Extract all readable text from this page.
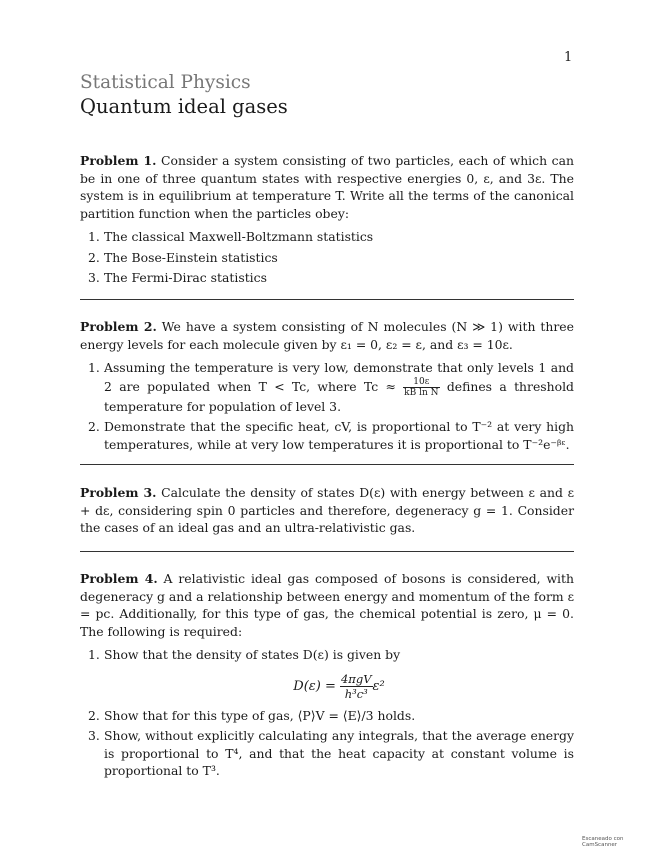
1
Statistical Physics
Quantum ideal gases

Problem 1. Consider a system consisting of two particles, each of which can be in one of three quantum states with respective energies 0, ε, and 3ε. The system is in equilibrium at temperature T. Write all the terms of the canonical partition function when the particles obey:

1. The classical Maxwell-Boltzmann statistics
2. The Bose-Einstein statistics
3. The Fermi-Dirac statistics

Problem 2. We have a system consisting of N molecules (N ≫ 1) with three energy levels for each molecule given by ε₁ = 0, ε₂ = ε, and ε₃ = 10ε.

1. Assuming the temperature is very low, demonstrate that only levels 1 and 2 are populated when T < Tc, where $Tc \approx \frac{10\varepsilon}{\text{kB ln N}}$ defines a threshold temperature for population of level 3.
2. Demonstrate that the specific heat, cV, is proportional to T⁻² at very high temperatures, while at very low temperatures it is proportional to T⁻²e⁻ᵝᵋ.

Problem 3. Calculate the density of states D(ε) with energy between ε and ε + dε, considering spin 0 particles and therefore, degeneracy g = 1. Consider the cases of an ideal gas and an ultra-relativistic gas.

Problem 4. A relativistic ideal gas composed of bosons is considered, with degeneracy g and a relationship between energy and momentum of the form ε = pc. Additionally, for this type of gas, the chemical potential is zero, μ = 0. The following is required:

1. Show that the density of states D(ε) is given by
$D(\varepsilon) = \frac{\text{4πgV}}{\text{h³c³}} \varepsilon^2$
2. Show that for this type of gas, ⟨P⟩V = ⟨E⟩/3 holds.
3. Show, without explicitly calculating any integrals, that the average energy is proportional to T⁴, and that the heat capacity at constant volume is proportional to T³.
Escaneado con CamScanner
